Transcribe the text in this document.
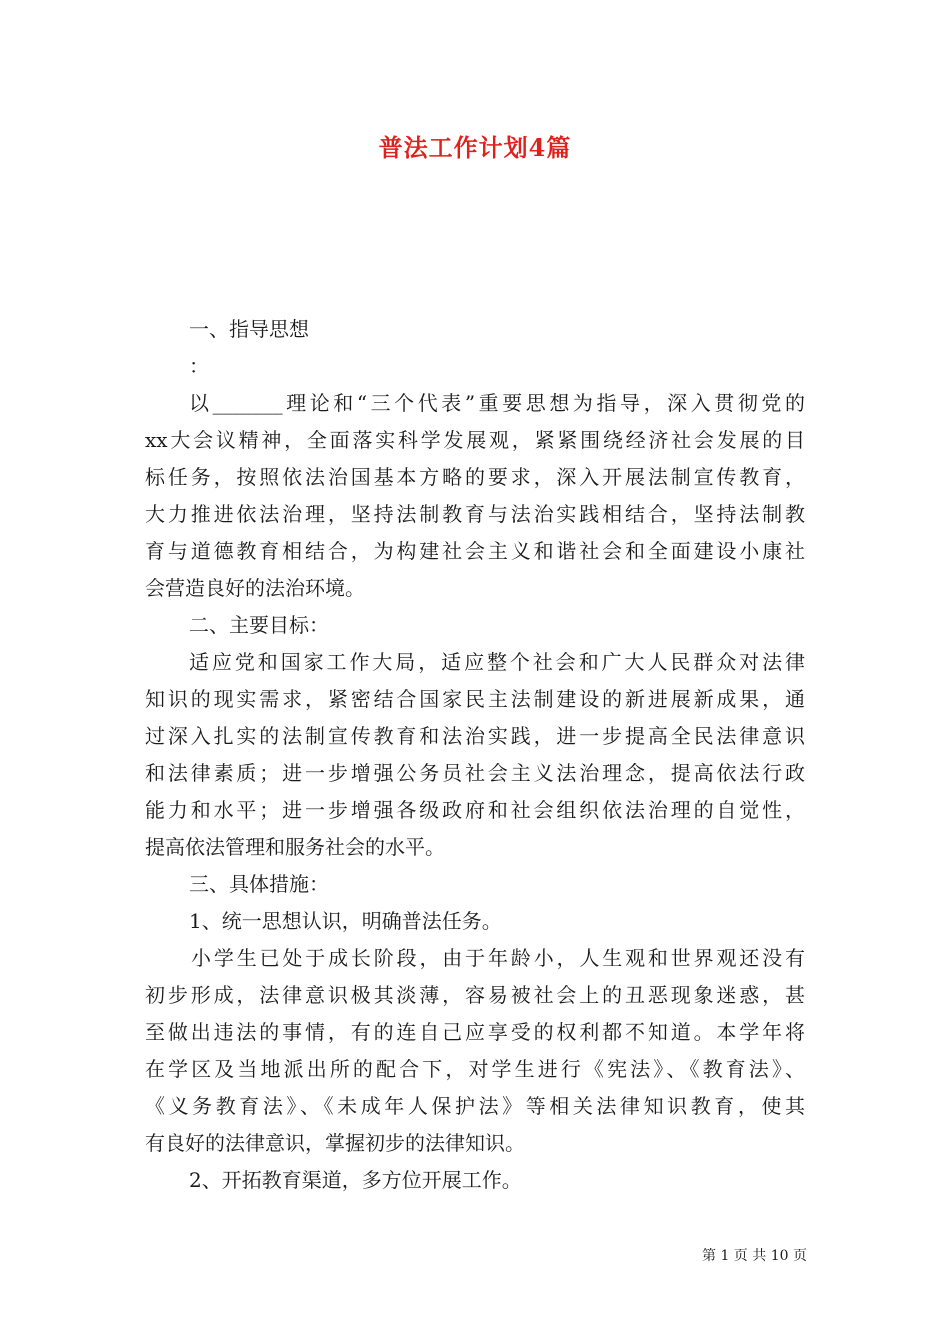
普法工作计划4篇
一、指导思想
：
以_______理论和“三个代表”重要思想为指导，深入贯彻党的
xx大会议精神，全面落实科学发展观，紧紧围绕经济社会发展的目
标任务，按照依法治国基本方略的要求，深入开展法制宣传教育，
大力推进依法治理，坚持法制教育与法治实践相结合，坚持法制教
育与道德教育相结合，为构建社会主义和谐社会和全面建设小康社
会营造良好的法治环境。
二、主要目标：
适应党和国家工作大局，适应整个社会和广大人民群众对法律
知识的现实需求，紧密结合国家民主法制建设的新进展新成果，通
过深入扎实的法制宣传教育和法治实践，进一步提高全民法律意识
和法律素质；进一步增强公务员社会主义法治理念，提高依法行政
能力和水平；进一步增强各级政府和社会组织依法治理的自觉性，
提高依法管理和服务社会的水平。
三、具体措施：
1、统一思想认识，明确普法任务。
小学生已处于成长阶段，由于年龄小，人生观和世界观还没有
初步形成，法律意识极其淡薄，容易被社会上的丑恶现象迷惑，甚
至做出违法的事情，有的连自己应享受的权利都不知道。本学年将
在学区及当地派出所的配合下，对学生进行《宪法》、《教育法》、
《义务教育法》、《未成年人保护法》等相关法律知识教育，使其
有良好的法律意识，掌握初步的法律知识。
2、开拓教育渠道，多方位开展工作。
第 1 页 共 10 页
